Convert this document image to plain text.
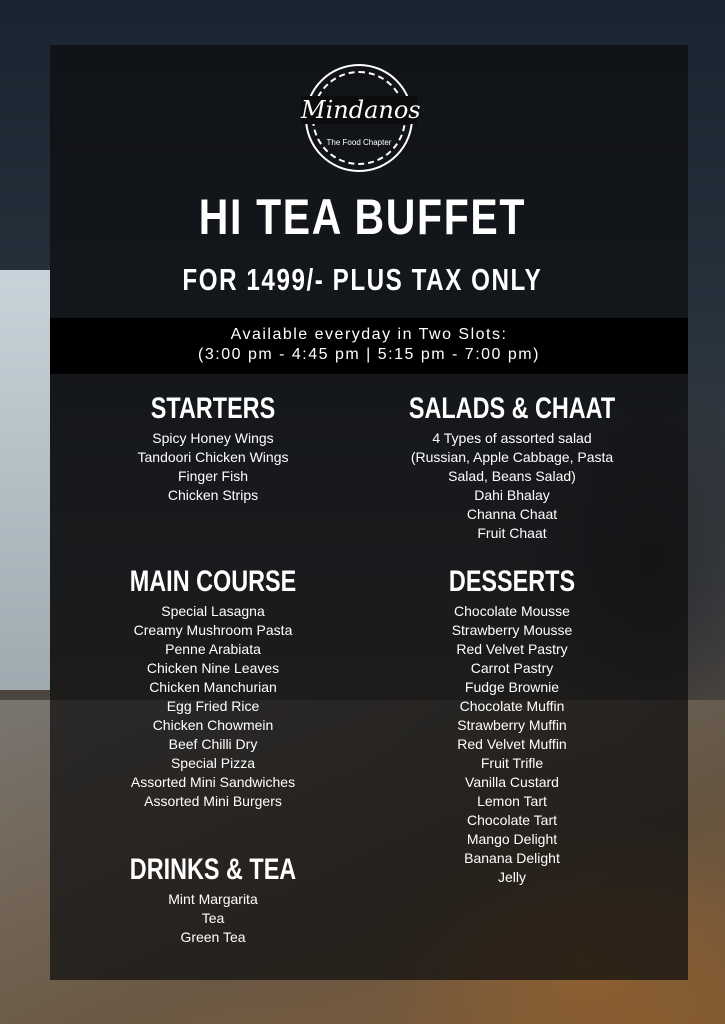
Mindanos
The Food Chapter
HI TEA BUFFET
FOR 1499/- PLUS TAX ONLY
Available everyday in Two Slots:
(3:00 pm - 4:45 pm | 5:15 pm - 7:00 pm)
STARTERS
Spicy Honey Wings
Tandoori Chicken Wings
Finger Fish
Chicken Strips
SALADS & CHAAT
4 Types of assorted salad
(Russian, Apple Cabbage, Pasta
Salad, Beans Salad)
Dahi Bhalay
Channa Chaat
Fruit Chaat
MAIN COURSE
Special Lasagna
Creamy Mushroom Pasta
Penne Arabiata
Chicken Nine Leaves
Chicken Manchurian
Egg Fried Rice
Chicken Chowmein
Beef Chilli Dry
Special Pizza
Assorted Mini Sandwiches
Assorted Mini Burgers
DESSERTS
Chocolate Mousse
Strawberry Mousse
Red Velvet Pastry
Carrot Pastry
Fudge Brownie
Chocolate Muffin
Strawberry Muffin
Red Velvet Muffin
Fruit Trifle
Vanilla Custard
Lemon Tart
Chocolate Tart
Mango Delight
Banana Delight
Jelly
DRINKS & TEA
Mint Margarita
Tea
Green Tea
